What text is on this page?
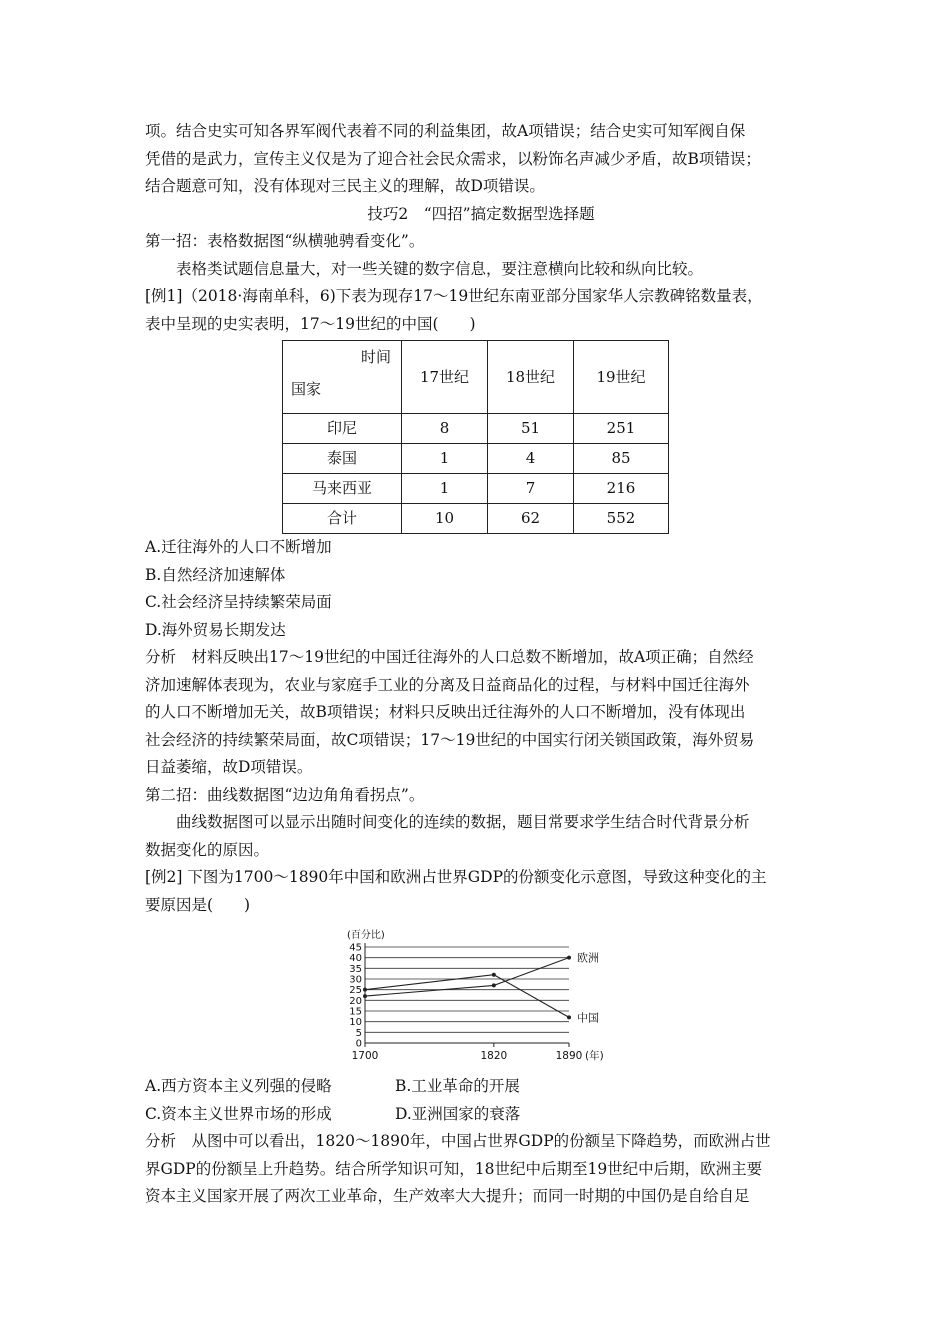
项。结合史实可知各界军阀代表着不同的利益集团，故A项错误；结合史实可知军阀自保

凭借的是武力，宣传主义仅是为了迎合社会民众需求，以粉饰名声减少矛盾，故B项错误；

结合题意可知，没有体现对三民主义的理解，故D项错误。

技巧2　“四招”搞定数据型选择题

第一招：表格数据图“纵横驰骋看变化”。

表格类试题信息量大，对一些关键的数字信息，要注意横向比较和纵向比较。

[例1]（2018·海南单科，6)下表为现存17～19世纪东南亚部分国家华人宗教碑铭数量表，

表中呈现的史实表明，17～19世纪的中国(　　)

时间
国家	17世纪	18世纪	19世纪
印尼	8	51	251
泰国	1	4	85
马来西亚	1	7	216
合计	10	62	552

A.迁往海外的人口不断增加

B.自然经济加速解体

C.社会经济呈持续繁荣局面

D.海外贸易长期发达

分析　材料反映出17～19世纪的中国迁往海外的人口总数不断增加，故A项正确；自然经

济加速解体表现为，农业与家庭手工业的分离及日益商品化的过程，与材料中国迁往海外

的人口不断增加无关，故B项错误；材料只反映出迁往海外的人口不断增加，没有体现出

社会经济的持续繁荣局面，故C项错误；17～19世纪的中国实行闭关锁国政策，海外贸易

日益萎缩，故D项错误。

第二招：曲线数据图“边边角角看拐点”。

曲线数据图可以显示出随时间变化的连续的数据，题目常要求学生结合时代背景分析

数据变化的原因。

[例2] 下图为1700～1890年中国和欧洲占世界GDP的份额变化示意图，导致这种变化的主

要原因是(　　)

(百分比)
0
5
10
15
20
25
30
35
40
45
1700	1820	1890 (年)
欧洲
中国
A.西方资本主义列强的侵略	B.工业革命的开展
C.资本主义世界市场的形成	D.亚洲国家的衰落

分析　从图中可以看出，1820～1890年，中国占世界GDP的份额呈下降趋势，而欧洲占世

界GDP的份额呈上升趋势。结合所学知识可知，18世纪中后期至19世纪中后期，欧洲主要

资本主义国家开展了两次工业革命，生产效率大大提升；而同一时期的中国仍是自给自足
